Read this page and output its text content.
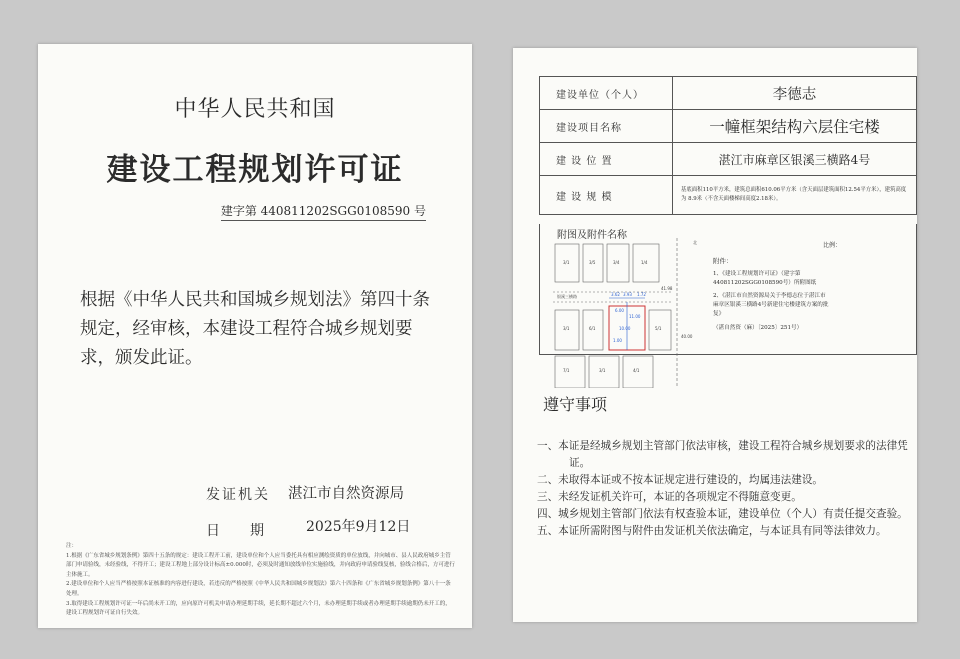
中华人民共和国
建设工程规划许可证
建字第 440811202SGG0108590 号
根据《中华人民共和国城乡规划法》第四十条规定，经审核，本建设工程符合城乡规划要求，颁发此证。
发证机关 湛江市自然资源局
日期 2025年9月12日
注：
1.根据《广东省城乡规划条例》第四十五条的规定：建设工程开工前，建设单位和个人应当委托具有相应测绘资质的单位放线，并向城市、县人民政府城乡主管部门申请验线，未经验线，不得开工；建设工程地上部分设计标高±0.000时，必须及时通知放线单位实施验线，并向政府申请验线复核，验线合格后，方可进行主体施工。
2.建设单位和个人应当严格按照本证核准的内容进行建设，若违反的严格按照《中华人民共和国城乡规划法》第六十四条和《广东省城乡规划条例》第八十一条处理。
3.取得建设工程规划许可证一年后尚未开工的，应向原许可机关申请办理延期手续，延长期不超过六个月，未办理延期手续或者办理延期手续逾期仍未开工的，建设工程规划许可证自行失效。
建设单位（个人）	李德志
建设项目名称	一幢框架结构六层住宅楼
建 设 位 置	湛江市麻章区银溪三横路4号
建 设 规 模	基底面积110平方米，建筑总面积610.06平方米（含天面层建筑面积12.54平方米），建筑高度为 8.9米（不含天面楼梯间高度2.18米）。
附图及附件名称
北
银溪三横路	3.62 3.93 1.72
10.00
11.00
41.98
40.00
1.00
6.00
3/1	3/5	3/4	1/4
3/1	6/1	5/1
7/1	3/1	4/1
比例：
附件：
1、《建设工程规划许可证》（建字第440811202SGG0108590号）所附图纸
2、《湛江市自然资源局关于李德志位于湛江市麻章区银溪三横路4号新建住宅楼建筑方案的批复》
（湛自然资（麻）〔2025〕251号）
遵守事项
一、本证是经城乡规划主管部门依法审核，建设工程符合城乡规划要求的法律凭证。
二、未取得本证或不按本证规定进行建设的，均属违法建设。
三、未经发证机关许可，本证的各项规定不得随意变更。
四、城乡规划主管部门依法有权查验本证，建设单位（个人）有责任提交查验。
五、本证所需附图与附件由发证机关依法确定，与本证具有同等法律效力。
